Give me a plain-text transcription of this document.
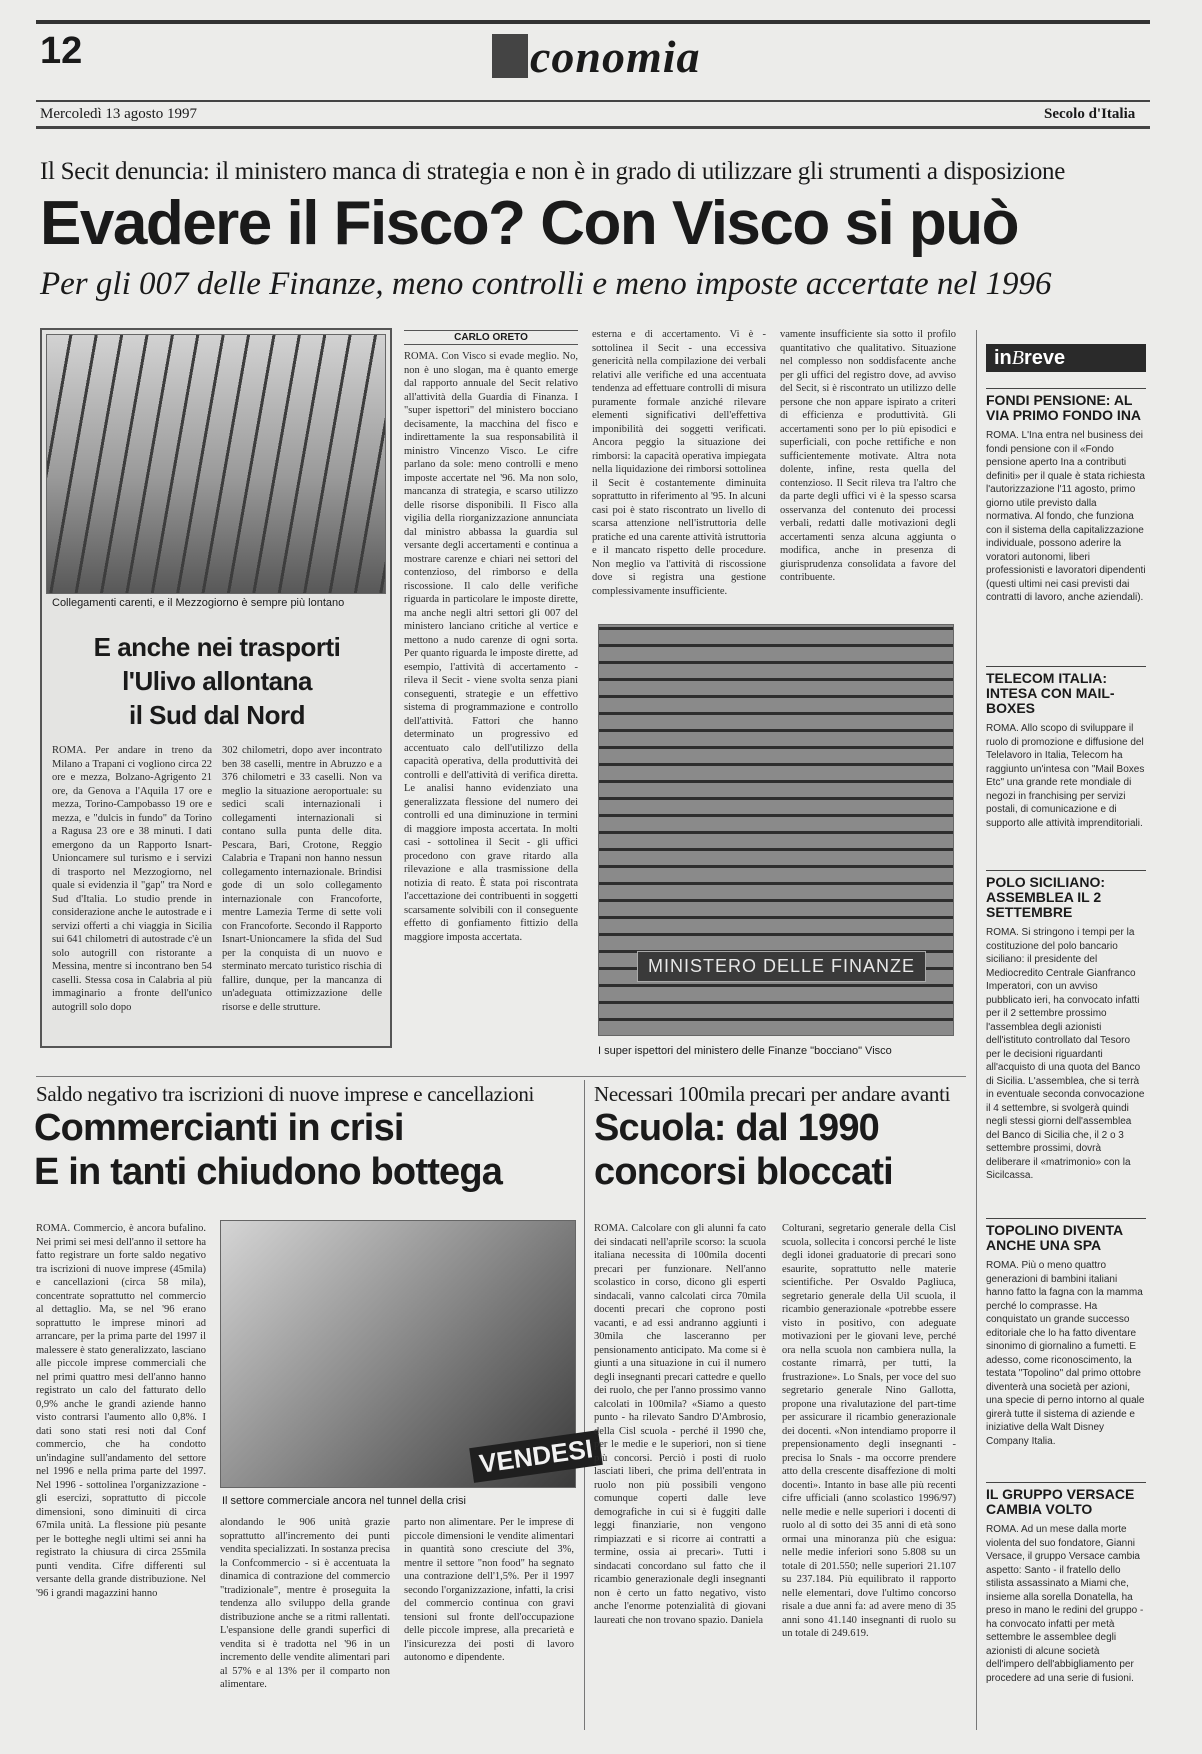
12	conomia
Mercoledì 13 agosto 1997	Secolo d'Italia
Il Secit denuncia: il ministero manca di strategia e non è in grado di utilizzare gli strumenti a disposizione
Evadere il Fisco? Con Visco si può
Per gli 007 delle Finanze, meno controlli e meno imposte accertate nel 1996
Collegamenti carenti, e il Mezzogiorno è sempre più lontano
E anche nei trasporti
l'Ulivo allontana
il Sud dal Nord
ROMA. Per andare in treno da Milano a Trapani ci vogliono circa 22 ore e mezza, Bolzano-Agrigento 21 ore, da Genova a l'Aquila 17 ore e mezza, Torino-Campobasso 19 ore e mezza, e "dulcis in fundo" da Torino a Ragusa 23 ore e 38 minuti. I dati emergono da un Rapporto Isnart-Unioncamere sul turismo e i servizi di trasporto nel Mezzogiorno, nel quale si evidenzia il "gap" tra Nord e Sud d'Italia. Lo studio prende in considerazione anche le autostrade e i servizi offerti a chi viaggia in Sicilia sui 641 chilometri di autostrade c'è un solo autogrill con ristorante a Messina, mentre si incontrano ben 54 caselli. Stessa cosa in Calabria al più immaginario a fronte dell'unico autogrill solo dopo
302 chilometri, dopo aver incontrato ben 38 caselli, mentre in Abruzzo e a 376 chilometri e 33 caselli. Non va meglio la situazione aeroportuale: su sedici scali internazionali i collegamenti internazionali si contano sulla punta delle dita. Pescara, Bari, Crotone, Reggio Calabria e Trapani non hanno nessun collegamento internazionale. Brindisi gode di un solo collegamento internazionale con Francoforte, mentre Lamezia Terme di sette voli con Francoforte. Secondo il Rapporto Isnart-Unioncamere la sfida del Sud per la conquista di un nuovo e sterminato mercato turistico rischia di fallire, dunque, per la mancanza di un'adeguata ottimizzazione delle risorse e delle strutture.
CARLO ORETO
ROMA. Con Visco si evade meglio. No, non è uno slogan, ma è quanto emerge dal rapporto annuale del Secit relativo all'attività della Guardia di Finanza. I "super ispettori" del ministero bocciano decisamente, la macchina del fisco e indirettamente la sua responsabilità il ministro Vincenzo Visco. Le cifre parlano da sole: meno controlli e meno imposte accertate nel '96. Ma non solo, mancanza di strategia, e scarso utilizzo delle risorse disponibili. Il Fisco alla vigilia della riorganizzazione annunciata dal ministro abbassa la guardia sul versante degli accertamenti e continua a mostrare carenze e chiari nei settori del contenzioso, del rimborso e della riscossione. Il calo delle verifiche riguarda in particolare le imposte dirette, ma anche negli altri settori gli 007 del ministero lanciano critiche al vertice e mettono a nudo carenze di ogni sorta. Per quanto riguarda le imposte dirette, ad esempio, l'attività di accertamento - rileva il Secit - viene svolta senza piani conseguenti, strategie e un effettivo sistema di programmazione e controllo dell'attività. Fattori che hanno determinato un progressivo ed accentuato calo dell'utilizzo della capacità operativa, della produttività dei controlli e dell'attività di verifica diretta. Le analisi hanno evidenziato una generalizzata flessione del numero dei controlli ed una diminuzione in termini di maggiore imposta accertata. In molti casi - sottolinea il Secit - gli uffici procedono con grave ritardo alla rilevazione e alla trasmissione della notizia di reato. È stata poi riscontrata l'accettazione dei contribuenti in soggetti scarsamente solvibili con il conseguente effetto di gonfiamento fittizio della maggiore imposta accertata.
esterna e di accertamento. Vi è - sottolinea il Secit - una eccessiva genericità nella compilazione dei verbali relativi alle verifiche ed una accentuata tendenza ad effettuare controlli di misura puramente formale anziché rilevare elementi significativi dell'effettiva imponibilità dei soggetti verificati. Ancora peggio la situazione dei rimborsi: la capacità operativa impiegata nella liquidazione dei rimborsi sottolinea il Secit è costantemente diminuita soprattutto in riferimento al '95. In alcuni casi poi è stato riscontrato un livello di scarsa attenzione nell'istruttoria delle pratiche ed una carente attività istruttoria e il mancato rispetto delle procedure. Non meglio va l'attività di riscossione dove si registra una gestione complessivamente insufficiente.
vamente insufficiente sia sotto il profilo quantitativo che qualitativo. Situazione nel complesso non soddisfacente anche per gli uffici del registro dove, ad avviso del Secit, si è riscontrato un utilizzo delle persone che non appare ispirato a criteri di efficienza e produttività. Gli accertamenti sono per lo più episodici e superficiali, con poche rettifiche e non sufficientemente motivate. Altra nota dolente, infine, resta quella del contenzioso. Il Secit rileva tra l'altro che da parte degli uffici vi è la spesso scarsa osservanza del contenuto dei processi verbali, redatti dalle motivazioni degli accertamenti senza alcuna aggiunta o modifica, anche in presenza di giurisprudenza consolidata a favore del contribuente.
MINISTERO DELLE FINANZE
I super ispettori del ministero delle Finanze "bocciano" Visco
inBreve
FONDI PENSIONE: AL VIA PRIMO FONDO INA
ROMA. L'Ina entra nel business dei fondi pensione con il «Fondo pensione aperto Ina a contributi definiti» per il quale è stata richiesta l'autorizzazione l'11 agosto, primo giorno utile previsto dalla normativa. Al fondo, che funziona con il sistema della capitalizzazione individuale, possono aderire la voratori autonomi, liberi professionisti e lavoratori dipendenti (questi ultimi nei casi previsti dai contratti di lavoro, anche aziendali).
TELECOM ITALIA: INTESA CON MAIL-BOXES
ROMA. Allo scopo di sviluppare il ruolo di promozione e diffusione del Telelavoro in Italia, Telecom ha raggiunto un'intesa con "Mail Boxes Etc" una grande rete mondiale di negozi in franchising per servizi postali, di comunicazione e di supporto alle attività imprenditoriali.
POLO SICILIANO: ASSEMBLEA IL 2 SETTEMBRE
ROMA. Si stringono i tempi per la costituzione del polo bancario siciliano: il presidente del Mediocredito Centrale Gianfranco Imperatori, con un avviso pubblicato ieri, ha convocato infatti per il 2 settembre prossimo l'assemblea degli azionisti dell'istituto controllato dal Tesoro per le decisioni riguardanti all'acquisto di una quota del Banco di Sicilia. L'assemblea, che si terrà in eventuale seconda convocazione il 4 settembre, si svolgerà quindi negli stessi giorni dell'assemblea del Banco di Sicilia che, il 2 o 3 settembre prossimi, dovrà deliberare il «matrimonio» con la Sicilcassa.
TOPOLINO DIVENTA ANCHE UNA SPA
ROMA. Più o meno quattro generazioni di bambini italiani hanno fatto la fagna con la mamma perché lo comprasse. Ha conquistato un grande successo editoriale che lo ha fatto diventare sinonimo di giornalino a fumetti. E adesso, come riconoscimento, la testata "Topolino" dal primo ottobre diventerà una società per azioni, una specie di perno intorno al quale girerà tutte il sistema di aziende e iniziative della Walt Disney Company Italia.
IL GRUPPO VERSACE CAMBIA VOLTO
ROMA. Ad un mese dalla morte violenta del suo fondatore, Gianni Versace, il gruppo Versace cambia aspetto: Santo - il fratello dello stilista assassinato a Miami che, insieme alla sorella Donatella, ha preso in mano le redini del gruppo - ha convocato infatti per metà settembre le assemblee degli azionisti di alcune società dell'impero dell'abbigliamento per procedere ad una serie di fusioni.
Saldo negativo tra iscrizioni di nuove imprese e cancellazioni
Commercianti in crisi
E in tanti chiudono bottega
ROMA. Commercio, è ancora bufalino. Nei primi sei mesi dell'anno il settore ha fatto registrare un forte saldo negativo tra iscrizioni di nuove imprese (45mila) e cancellazioni (circa 58 mila), concentrate soprattutto nel commercio al dettaglio. Ma, se nel '96 erano soprattutto le imprese minori ad arrancare, per la prima parte del 1997 il malessere è stato generalizzato, lasciano alle piccole imprese commerciali che nel primi quattro mesi dell'anno hanno registrato un calo del fatturato dello 0,9% anche le grandi aziende hanno visto contrarsi l'aumento allo 0,8%. I dati sono stati resi noti dal Conf commercio, che ha condotto un'indagine sull'andamento del settore nel 1996 e nella prima parte del 1997. Nel 1996 - sottolinea l'organizzazione - gli esercizi, soprattutto di piccole dimensioni, sono diminuiti di circa 67mila unità. La flessione più pesante per le botteghe negli ultimi sei anni ha registrato la chiusura di circa 255mila punti vendita. Cifre differenti sul versante della grande distribuzione. Nel '96 i grandi magazzini hanno
VENDESI
Il settore commerciale ancora nel tunnel della crisi
alondando le 906 unità grazie soprattutto all'incremento dei punti vendita specializzati. In sostanza precisa la Confcommercio - si è accentuata la dinamica di contrazione del commercio "tradizionale", mentre è proseguita la tendenza allo sviluppo della grande distribuzione anche se a ritmi rallentati. L'espansione delle grandi superfici di vendita si è tradotta nel '96 in un incremento delle vendite alimentari pari al 57% e al 13% per il comparto non alimentare.
parto non alimentare. Per le imprese di piccole dimensioni le vendite alimentari in quantità sono cresciute del 3%, mentre il settore "non food" ha segnato una contrazione dell'1,5%. Per il 1997 secondo l'organizzazione, infatti, la crisi del commercio continua con gravi tensioni sul fronte dell'occupazione delle piccole imprese, alla precarietà e l'insicurezza dei posti di lavoro autonomo e dipendente.
Necessari 100mila precari per andare avanti
Scuola: dal 1990
concorsi bloccati
ROMA. Calcolare con gli alunni fa cato dei sindacati nell'aprile scorso: la scuola italiana necessita di 100mila docenti precari per funzionare. Nell'anno scolastico in corso, dicono gli esperti sindacali, vanno calcolati circa 70mila docenti precari che coprono posti vacanti, e ad essi andranno aggiunti i 30mila che lasceranno per pensionamento anticipato. Ma come si è giunti a una situazione in cui il numero degli insegnanti precari cattedre e quello dei ruolo, che per l'anno prossimo vanno calcolati in 100mila? «Siamo a questo punto - ha rilevato Sandro D'Ambrosio, della Cisl scuola - perché il 1990 che, per le medie e le superiori, non si tiene più concorsi. Perciò i posti di ruolo lasciati liberi, che prima dell'entrata in ruolo non più possibili vengono comunque coperti dalle leve demografiche in cui si è fuggiti dalle leggi finanziarie, non vengono rimpiazzati e si ricorre ai contratti a termine, ossia ai precari». Tutti i sindacati concordano sul fatto che il ricambio generazionale degli insegnanti non è certo un fatto negativo, visto anche l'enorme potenzialità di giovani laureati che non trovano spazio. Daniela
Colturani, segretario generale della Cisl scuola, sollecita i concorsi perché le liste degli idonei graduatorie di precari sono esaurite, soprattutto nelle materie scientifiche. Per Osvaldo Pagliuca, segretario generale della Uil scuola, il ricambio generazionale «potrebbe essere visto in positivo, con adeguate motivazioni per le giovani leve, perché ora nella scuola non cambiera nulla, la costante rimarrà, per tutti, la frustrazione». Lo Snals, per voce del suo segretario generale Nino Gallotta, propone una rivalutazione del part-time per assicurare il ricambio generazionale dei docenti. «Non intendiamo proporre il prepensionamento degli insegnanti - precisa lo Snals - ma occorre prendere atto della crescente disaffezione di molti docenti». Intanto in base alle più recenti cifre ufficiali (anno scolastico 1996/97) nelle medie e nelle superiori i docenti di ruolo al di sotto dei 35 anni di età sono ormai una minoranza più che esigua: nelle medie inferiori sono 5.808 su un totale di 201.550; nelle superiori 21.107 su 237.184. Più equilibrato il rapporto nelle elementari, dove l'ultimo concorso risale a due anni fa: ad avere meno di 35 anni sono 41.140 insegnanti di ruolo su un totale di 249.619.
